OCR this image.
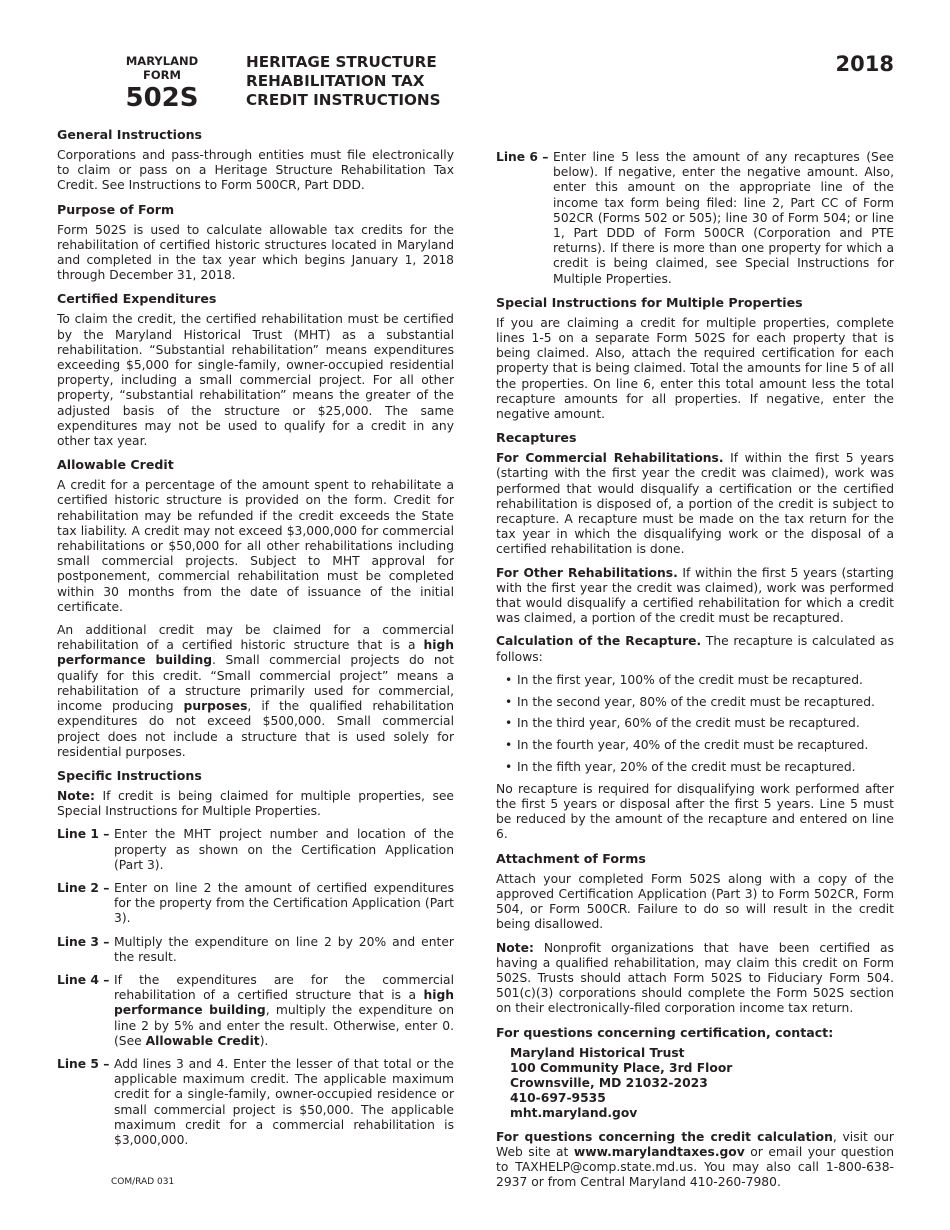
MARYLAND
FORM
502S
HERITAGE STRUCTURE
REHABILITATION TAX
CREDIT INSTRUCTIONS
2018
General Instructions

Corporations and pass-through entities must file electronically to claim or pass on a Heritage Structure Rehabilitation Tax Credit. See Instructions to Form 500CR, Part DDD.

Purpose of Form

Form 502S is used to calculate allowable tax credits for the rehabilitation of certified historic structures located in Maryland and completed in the tax year which begins January 1, 2018 through December 31, 2018.

Certified Expenditures

To claim the credit, the certified rehabilitation must be certified by the Maryland Historical Trust (MHT) as a substantial rehabilitation. “Substantial rehabilitation” means expenditures exceeding $5,000 for single-family, owner-occupied residential property, including a small commercial project. For all other property, “substantial rehabilitation” means the greater of the adjusted basis of the structure or $25,000. The same expenditures may not be used to qualify for a credit in any other tax year.

Allowable Credit

A credit for a percentage of the amount spent to rehabilitate a certified historic structure is provided on the form. Credit for rehabilitation may be refunded if the credit exceeds the State tax liability. A credit may not exceed $3,000,000 for commercial rehabilitations or $50,000 for all other rehabilitations including small commercial projects. Subject to MHT approval for postponement, commercial rehabilitation must be completed within 30 months from the date of issuance of the initial certificate.

An additional credit may be claimed for a commercial rehabilitation of a certified historic structure that is a high performance building. Small commercial projects do not qualify for this credit. “Small commercial project” means a rehabilitation of a structure primarily used for commercial, income producing purposes, if the qualified rehabilitation expenditures do not exceed $500,000. Small commercial project does not include a structure that is used solely for residential purposes.

Specific Instructions

Note: If credit is being claimed for multiple properties, see Special Instructions for Multiple Properties.

Line 1 – Enter the MHT project number and location of the property as shown on the Certification Application (Part 3).
Line 2 – Enter on line 2 the amount of certified expenditures for the property from the Certification Application (Part 3).
Line 3 – Multiply the expenditure on line 2 by 20% and enter the result.
Line 4 – If the expenditures are for the commercial rehabilitation of a certified structure that is a high performance building, multiply the expenditure on line 2 by 5% and enter the result. Otherwise, enter 0. (See Allowable Credit).
Line 5 – Add lines 3 and 4. Enter the lesser of that total or the applicable maximum credit. The applicable maximum credit for a single-family, owner-occupied residence or small commercial project is $50,000. The applicable maximum credit for a commercial rehabilitation is $3,000,000.
Line 6 – Enter line 5 less the amount of any recaptures (See below). If negative, enter the negative amount. Also, enter this amount on the appropriate line of the income tax form being filed: line 2, Part CC of Form 502CR (Forms 502 or 505); line 30 of Form 504; or line 1, Part DDD of Form 500CR (Corporation and PTE returns). If there is more than one property for which a credit is being claimed, see Special Instructions for Multiple Properties.
Special Instructions for Multiple Properties

If you are claiming a credit for multiple properties, complete lines 1-5 on a separate Form 502S for each property that is being claimed. Also, attach the required certification for each property that is being claimed. Total the amounts for line 5 of all the properties. On line 6, enter this total amount less the total recapture amounts for all properties. If negative, enter the negative amount.

Recaptures

For Commercial Rehabilitations. If within the first 5 years (starting with the first year the credit was claimed), work was performed that would disqualify a certification or the certified rehabilitation is disposed of, a portion of the credit is subject to recapture. A recapture must be made on the tax return for the tax year in which the disqualifying work or the disposal of a certified rehabilitation is done.

For Other Rehabilitations. If within the first 5 years (starting with the first year the credit was claimed), work was performed that would disqualify a certified rehabilitation for which a credit was claimed, a portion of the credit must be recaptured.

Calculation of the Recapture. The recapture is calculated as follows:

• In the first year, 100% of the credit must be recaptured.
• In the second year, 80% of the credit must be recaptured.
• In the third year, 60% of the credit must be recaptured.
• In the fourth year, 40% of the credit must be recaptured.
• In the fifth year, 20% of the credit must be recaptured.

No recapture is required for disqualifying work performed after the first 5 years or disposal after the first 5 years. Line 5 must be reduced by the amount of the recapture and entered on line 6.

Attachment of Forms

Attach your completed Form 502S along with a copy of the approved Certification Application (Part 3) to Form 502CR, Form 504, or Form 500CR. Failure to do so will result in the credit being disallowed.

Note: Nonprofit organizations that have been certified as having a qualified rehabilitation, may claim this credit on Form 502S. Trusts should attach Form 502S to Fiduciary Form 504. 501(c)(3) corporations should complete the Form 502S section on their electronically-filed corporation income tax return.

For questions concerning certification, contact:
Maryland Historical Trust
100 Community Place, 3rd Floor
Crownsville, MD 21032-2023
410-697-9535
mht.maryland.gov

For questions concerning the credit calculation, visit our Web site at www.marylandtaxes.gov or email your question to TAXHELP@comp.state.md.us. You may also call 1-800-638-2937 or from Central Maryland 410-260-7980.

COM/RAD 031
